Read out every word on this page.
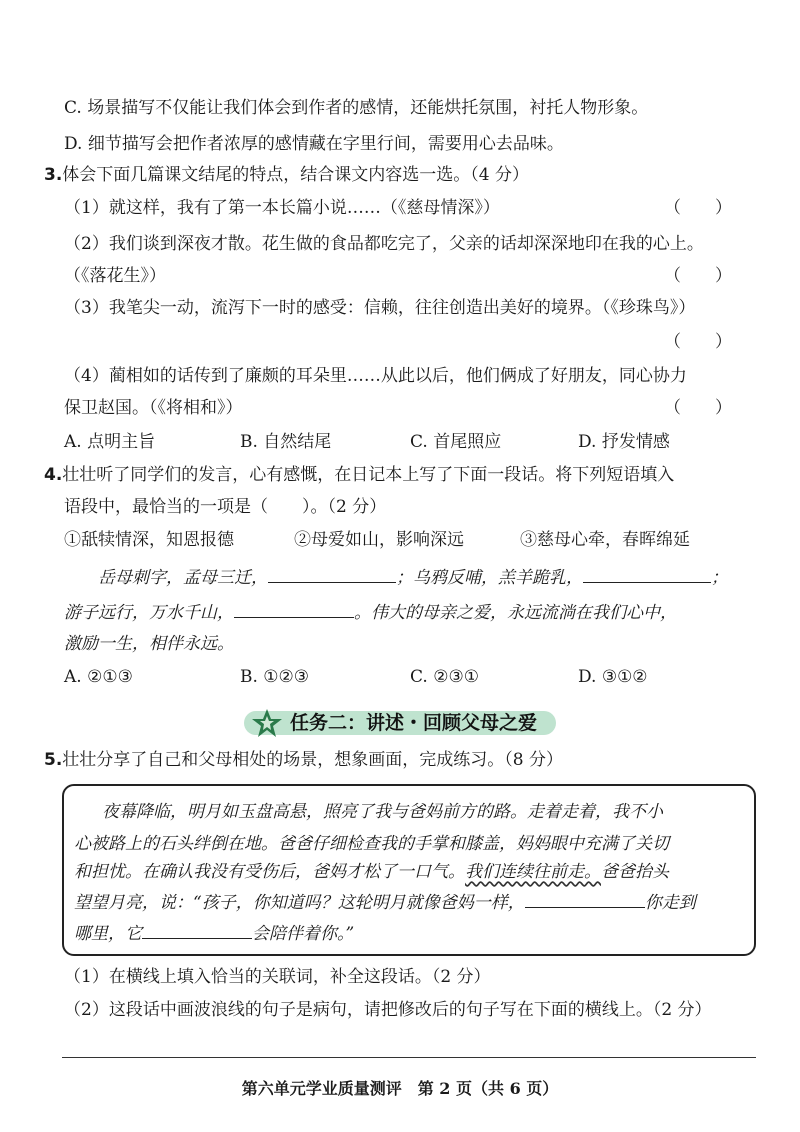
C. 场景描写不仅能让我们体会到作者的感情，还能烘托氛围，衬托人物形象。
D. 细节描写会把作者浓厚的感情藏在字里行间，需要用心去品味。
3.体会下面几篇课文结尾的特点，结合课文内容选一选。（4 分）
（1）就这样，我有了第一本长篇小说……（《慈母情深》）	（　　）
（2）我们谈到深夜才散。花生做的食品都吃完了，父亲的话却深深地印在我的心上。
（《落花生》）	（　　）
（3）我笔尖一动，流泻下一时的感受：信赖，往往创造出美好的境界。（《珍珠鸟》）
（　　）
（4）蔺相如的话传到了廉颇的耳朵里……从此以后，他们俩成了好朋友，同心协力
保卫赵国。（《将相和》）	（　　）
A. 点明主旨	B. 自然结尾	C. 首尾照应	D. 抒发情感
4.壮壮听了同学们的发言，心有感慨，在日记本上写了下面一段话。将下列短语填入
语段中，最恰当的一项是（　　）。（2 分）
①舐犊情深，知恩报德	②母爱如山，影响深远	③慈母心牵，春晖绵延
岳母刺字，孟母三迁，	；乌鸦反哺，羔羊跪乳，	；
游子远行，万水千山，	。伟大的母亲之爱，永远流淌在我们心中，
激励一生，相伴永远。
A. ②①③	B. ①②③	C. ②③①	D. ③①②
任务二：讲述・回顾父母之爱
5.壮壮分享了自己和父母相处的场景，想象画面，完成练习。（8 分）
夜幕降临，明月如玉盘高悬，照亮了我与爸妈前方的路。走着走着，我不小
心被路上的石头绊倒在地。爸爸仔细检查我的手掌和膝盖，妈妈眼中充满了关切
和担忧。在确认我没有受伤后，爸妈才松了一口气。我们连续往前走。爸爸抬头
望望月亮，说：“孩子，你知道吗？这轮明月就像爸妈一样，	你走到
哪里，它	会陪伴着你。”
（1）在横线上填入恰当的关联词，补全这段话。（2 分）
（2）这段话中画波浪线的句子是病句，请把修改后的句子写在下面的横线上。（2 分）
第六单元学业质量测评　第 2 页（共 6 页）
